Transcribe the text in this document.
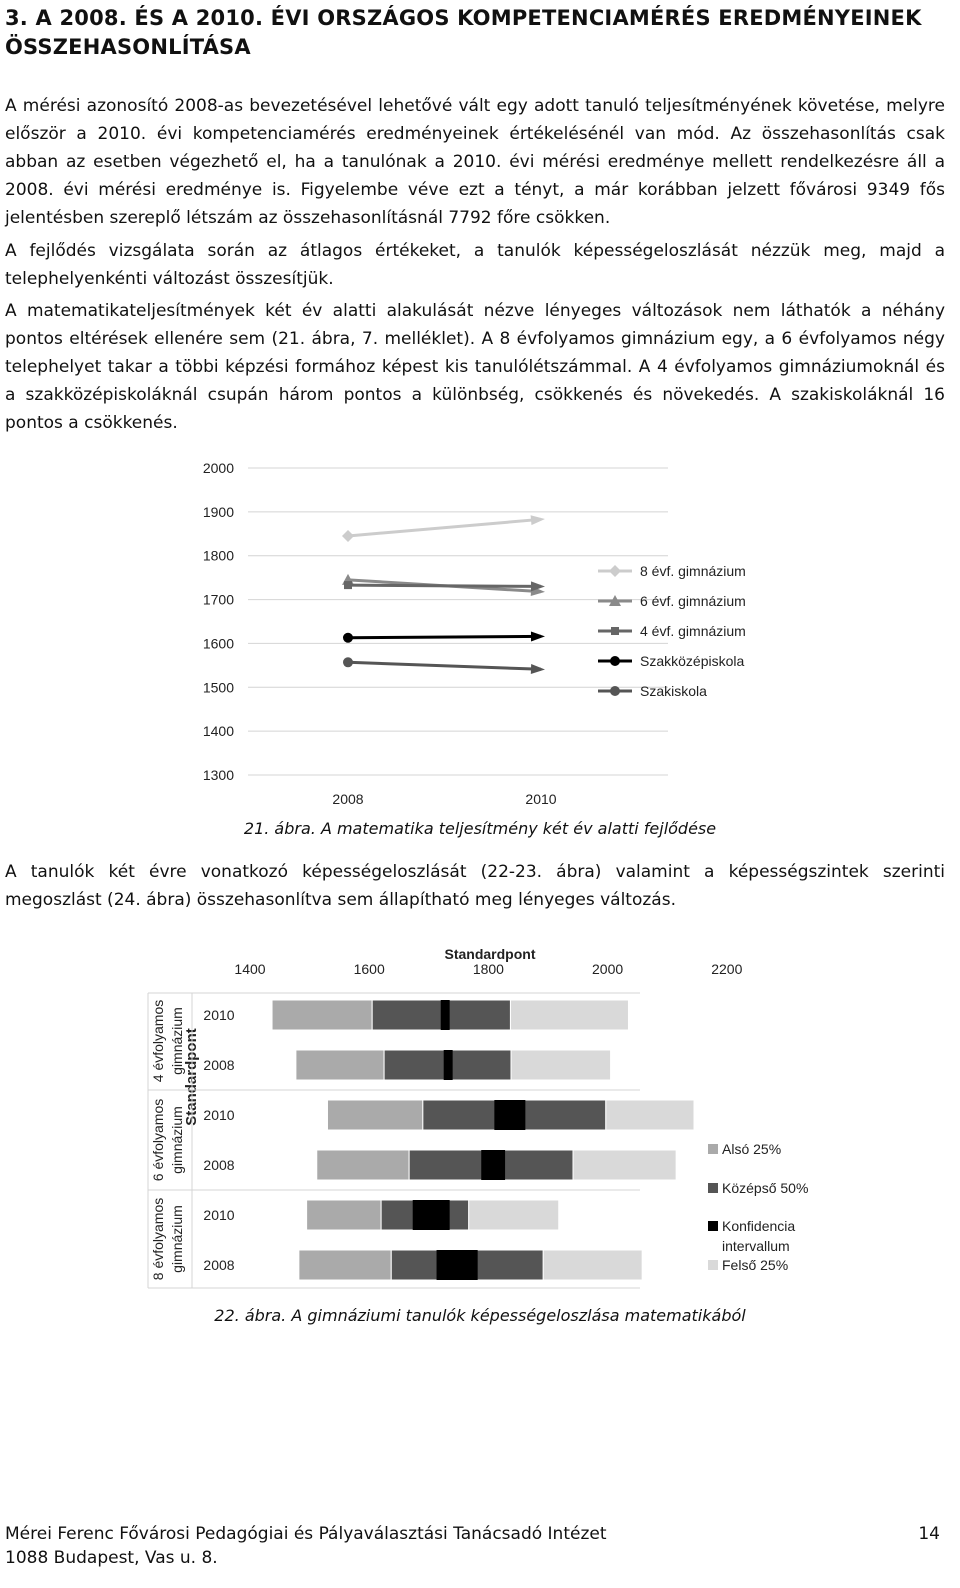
3. A 2008. ÉS A 2010. ÉVI ORSZÁGOS KOMPETENCIAMÉRÉS EREDMÉNYEINEK ÖSSZEHASONLÍTÁSA

A mérési azonosító 2008-as bevezetésével lehetővé vált egy adott tanuló teljesítményének követése, melyre először a 2010. évi kompetenciamérés eredményeinek értékelésénél van mód. Az összehasonlítás csak abban az esetben végezhető el, ha a tanulónak a 2010. évi mérési eredménye mellett rendelkezésre áll a 2008. évi mérési eredménye is. Figyelembe véve ezt a tényt, a már korábban jelzett fővárosi 9349 fős jelentésben szereplő létszám az összehasonlításnál 7792 főre csökken.

A fejlődés vizsgálata során az átlagos értékeket, a tanulók képességeloszlását nézzük meg, majd a telephelyenkénti változást összesítjük.

A matematikateljesítmények két év alatti alakulását nézve lényeges változások nem láthatók a néhány pontos eltérések ellenére sem (21. ábra, 7. melléklet). A 8 évfolyamos gimnázium egy, a 6 évfolyamos négy telephelyet takar a többi képzési formához képest kis tanulólétszámmal. A 4 évfolyamos gimnáziumoknál és a szakközépiskoláknál csupán három pontos a különbség, csökkenés és növekedés. A szakiskoláknál 16 pontos a csökkenés.

2000
1900
1800
1700
1600
1500
1400
1300
2008	2010
8 évf. gimnázium
6 évf. gimnázium
4 évf. gimnázium
Szakközépiskola
Szakiskola
Standardpont

21. ábra. A matematika teljesítmény két év alatti fejlődése

A tanulók két évre vonatkozó képességeloszlását (22-23. ábra) valamint a képességszintek szerinti megoszlást (24. ábra) összehasonlítva sem állapítható meg lényeges változás.

Standardpont
1400	1600	1800	2000	2200
4 évfolyamos gimnázium
6 évfolyamos gimnázium
8 évfolyamos gimnázium
2010
2008
2010
2008
2010
2008
Alsó 25%
Középső 50%
Konfidencia
intervallum
Felső 25%

22. ábra. A gimnáziumi tanulók képességeloszlása matematikából

Mérei Ferenc Fővárosi Pedagógiai és Pályaválasztási Tanácsadó Intézet
1088 Budapest, Vas u. 8.
14
